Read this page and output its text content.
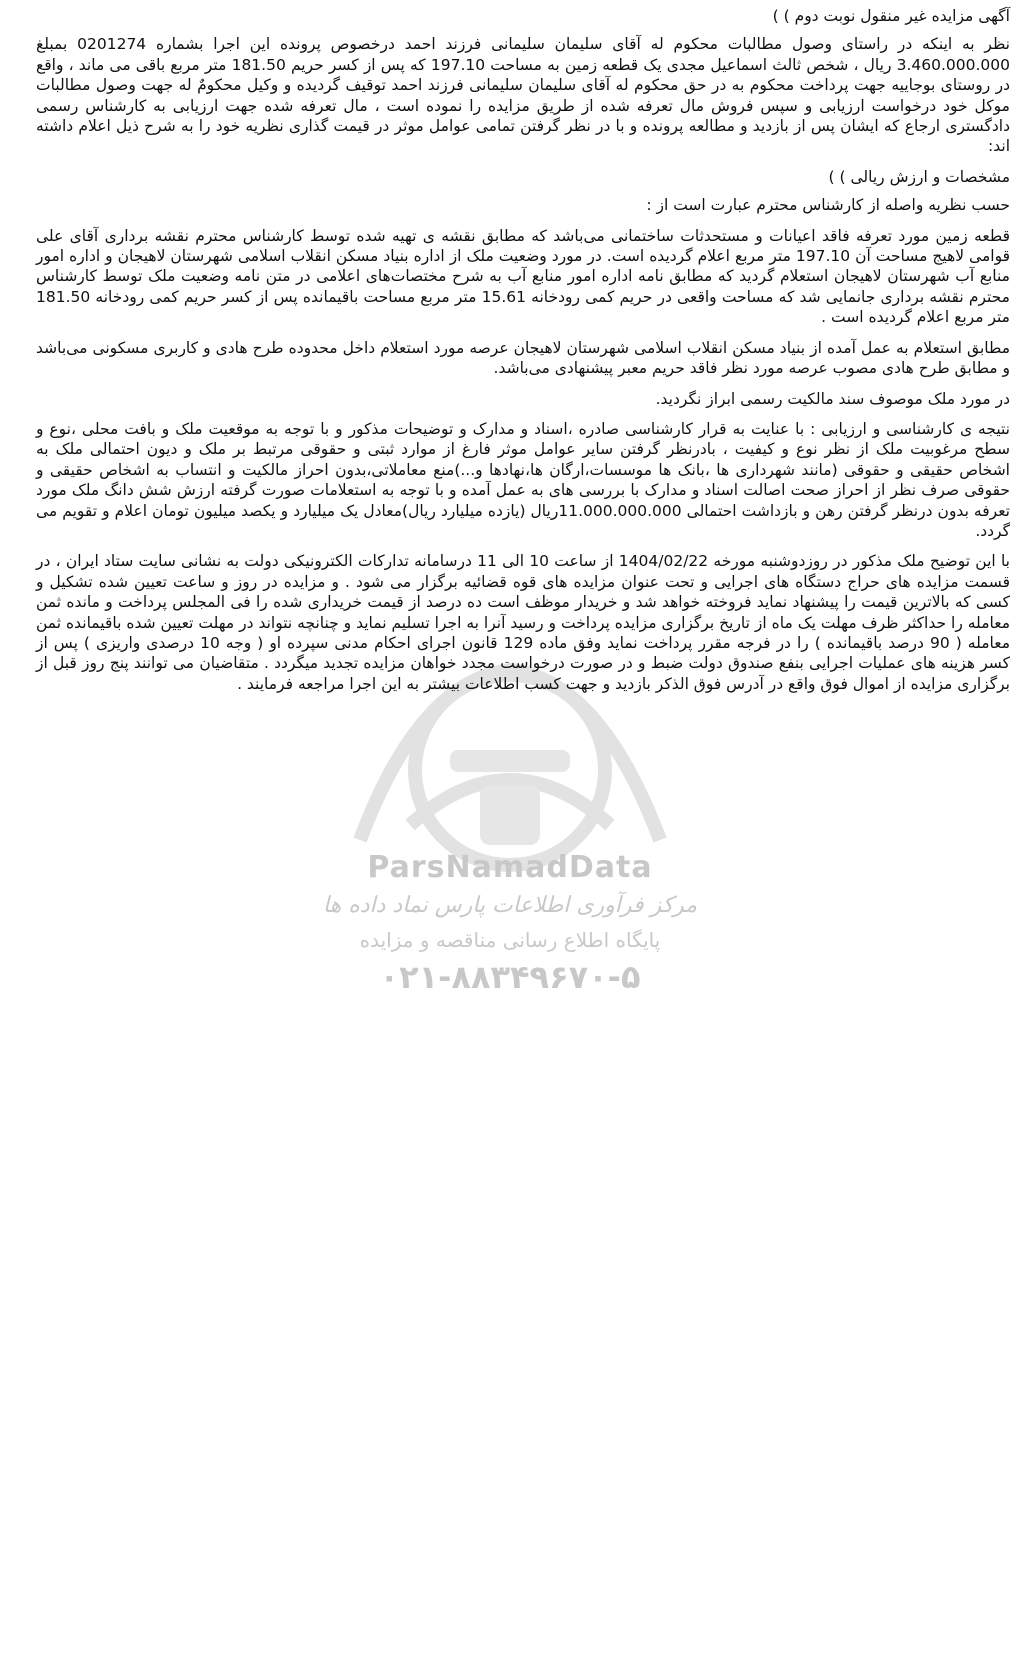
ParsNamadData
مرکز فرآوری اطلاعات پارس نماد داده ها
پایگاه اطلاع رسانی مناقصه و مزایده
۰۲۱-۸۸۳۴۹۶۷۰-۵

آگهی مزایده غیر منقول نوبت دوم ) )

نظر به اینکه در راستای وصول مطالبات محکوم له آقای سلیمان سلیمانی فرزند احمد درخصوص پرونده این اجرا بشماره 0201274 بمبلغ 3.460.000.000 ریال ، شخص ثالث اسماعیل مجدی یک قطعه زمین به مساحت 197.10 که پس از کسر حریم 181.50 متر مربع باقی می ماند ، واقع در روستای بوجاییه جهت پرداخت محکوم به در حق محکوم له آقای سلیمان سلیمانی فرزند احمد توقیف گردیده و وکیل محکومٌ له جهت وصول مطالبات موکل خود درخواست ارزیابی و سپس فروش مال تعرفه شده از طریق مزایده را نموده است ، مال تعرفه شده جهت ارزیابی به کارشناس رسمی دادگستری ارجاع که ایشان پس از بازدید و مطالعه پرونده و با در نظر گرفتن تمامی عوامل موثر در قیمت گذاری نظریه خود را به شرح ذیل اعلام داشته اند:

مشخصات و ارزش ریالی ) )

حسب نظریه واصله از کارشناس محترم عبارت است از :

قطعه زمین مورد تعرفه فاقد اعیانات و مستحدثات ساختمانی می‌باشد که مطابق نقشه ی تهیه شده توسط کارشناس محترم نقشه برداری آقای علی قوامی لاهیج مساحت آن 197.10 متر مربع اعلام گردیده است. در مورد وضعیت ملک از اداره بنیاد مسکن انقلاب اسلامی شهرستان لاهیجان و اداره امور منابع آب شهرستان لاهیجان استعلام گردید که مطابق نامه اداره امور منابع آب به شرح مختصات‌های اعلامی در متن نامه وضعیت ملک توسط کارشناس محترم نقشه برداری جانمایی شد که مساحت واقعی در حریم کمی رودخانه 15.61 متر مربع مساحت باقیمانده پس از کسر حریم کمی رودخانه 181.50 متر مربع اعلام گردیده است .

مطابق استعلام به عمل آمده از بنیاد مسکن انقلاب اسلامی شهرستان لاهیجان عرصه مورد استعلام داخل محدوده طرح هادی و کاربری مسکونی می‌باشد و مطابق طرح هادی مصوب عرصه مورد نظر فاقد حریم معبر پیشنهادی می‌باشد.

در مورد ملک موصوف سند مالکیت رسمی ابراز نگردید.

نتیجه ی کارشناسی و ارزیابی : با عنایت به قرار کارشناسی صادره ،اسناد و مدارک و توضیحات مذکور و با توجه به موقعیت ملک و بافت محلی ،نوع و سطح مرغوبیت ملک از نظر نوع و کیفیت ، بادرنظر گرفتن سایر عوامل موثر فارغ از موارد ثبتی و حقوقی مرتبط بر ملک و دیون احتمالی ملک به اشخاص حقیقی و حقوقی (مانند شهرداری ها ،بانک ها موسسات،ارگان ها،نهادها و...)منع معاملاتی،بدون احراز مالکیت و انتساب به اشخاص حقیقی و حقوقی صرف نظر از احراز صحت اصالت اسناد و مدارک با بررسی های به عمل آمده و با توجه به استعلامات صورت گرفته ارزش شش دانگ ملک مورد تعرفه بدون درنظر گرفتن رهن و بازداشت احتمالی 11.000.000.000ریال (یازده میلیارد ریال)معادل یک میلیارد و یکصد میلیون تومان اعلام و تقویم می گردد.

با این توضیح ملک مذکور در روزدوشنبه مورخه 1404/02/22 از ساعت 10 الی 11 درسامانه تدارکات الکترونیکی دولت به نشانی سایت ستاد ایران ، در قسمت مزایده های حراج دستگاه های اجرایی و تحت عنوان مزایده های قوه قضائیه برگزار می شود . و مزایده در روز و ساعت تعیین شده تشکیل و کسی که بالاترین قیمت را پیشنهاد نماید فروخته خواهد شد و خریدار موظف است ده درصد از قیمت خریداری شده را فی المجلس پرداخت و مانده ثمن معامله را حداکثر ظرف مهلت یک ماه از تاریخ برگزاری مزایده پرداخت و رسید آنرا به اجرا تسلیم نماید و چنانچه نتواند در مهلت تعیین شده باقیمانده ثمن معامله ( 90 درصد باقیمانده ) را در فرجه مقرر پرداخت نماید وفق ماده 129 قانون اجرای احکام مدنی سپرده او ( وجه 10 درصدی واریزی ) پس از کسر هزینه های عملیات اجرایی بنفع صندوق دولت ضبط و در صورت درخواست مجدد خواهان مزایده تجدید میگردد . متقاضیان می توانند پنج روز قبل از برگزاری مزایده از اموال فوق واقع در آدرس فوق الذکر بازدید و جهت کسب اطلاعات بیشتر به این اجرا مراجعه فرمایند .
